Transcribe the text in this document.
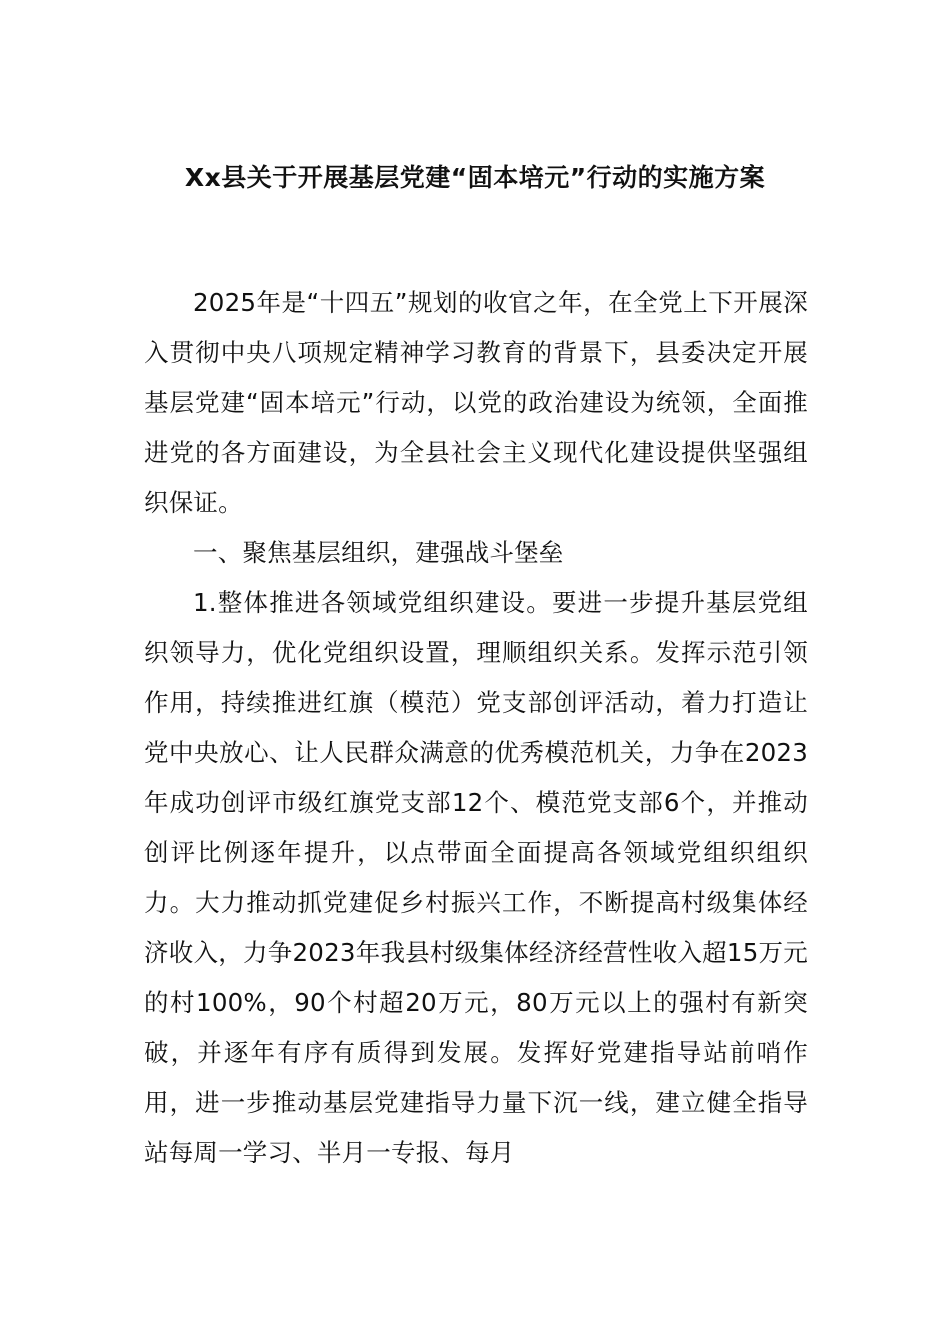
Xx县关于开展基层党建“固本培元”行动的实施方案

2025年是“十四五”规划的收官之年，在全党上下开展深入贯彻中央八项规定精神学习教育的背景下，县委决定开展基层党建“固本培元”行动，以党的政治建设为统领，全面推进党的各方面建设，为全县社会主义现代化建设提供坚强组织保证。

一、聚焦基层组织，建强战斗堡垒

1.整体推进各领域党组织建设。要进一步提升基层党组织领导力，优化党组织设置，理顺组织关系。发挥示范引领作用，持续推进红旗（模范）党支部创评活动，着力打造让党中央放心、让人民群众满意的优秀模范机关，力争在2023年成功创评市级红旗党支部12个、模范党支部6个，并推动创评比例逐年提升，以点带面全面提高各领域党组织组织力。大力推动抓党建促乡村振兴工作，不断提高村级集体经济收入，力争2023年我县村级集体经济经营性收入超15万元的村100%，90个村超20万元，80万元以上的强村有新突破，并逐年有序有质得到发展。发挥好党建指导站前哨作用，进一步推动基层党建指导力量下沉一线，建立健全指导站每周一学习、半月一专报、每月
